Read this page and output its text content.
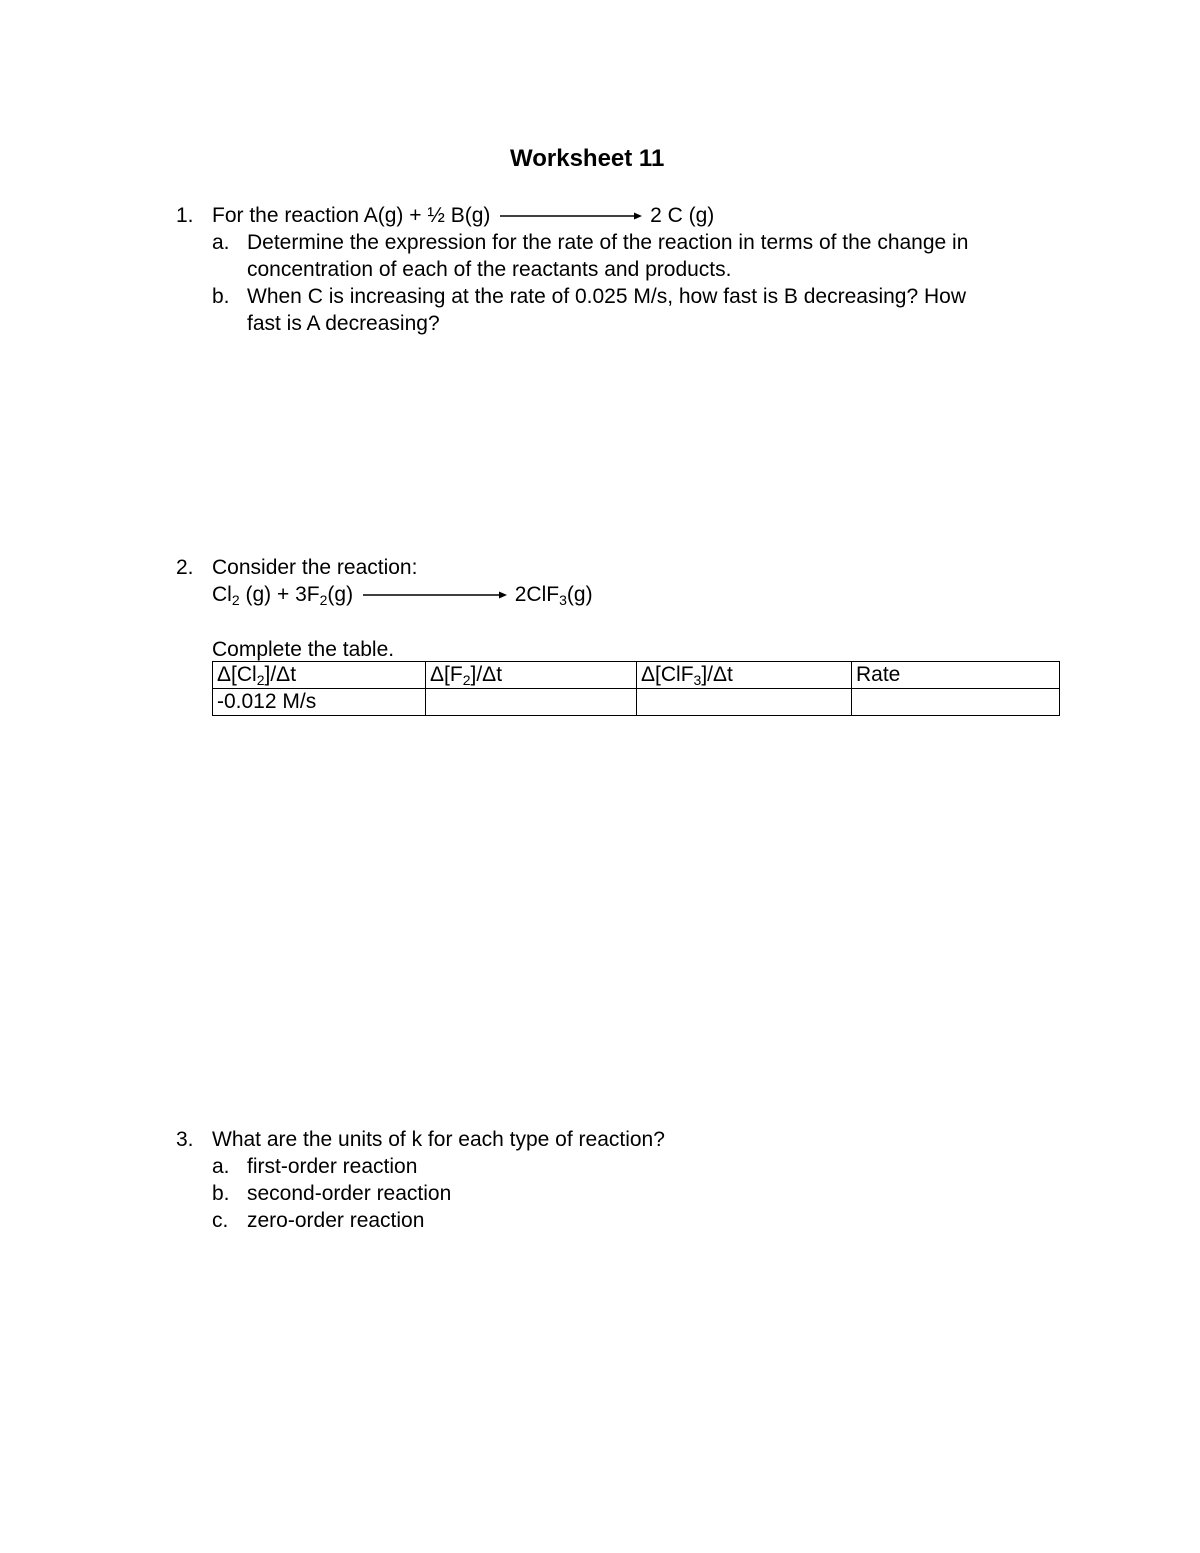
Worksheet 11
1. For the reaction A(g) + ½ B(g)	2 C (g)
a. Determine the expression for the rate of the reaction in terms of the change in
concentration of each of the reactants and products.
b. When C is increasing at the rate of 0.025 M/s, how fast is B decreasing? How
fast is A decreasing?
2. Consider the reaction:
$Cl_2$ $(g) + 3F_2(g)$	2ClF$_3$(g)
Complete the table.
$\Delta[Cl_2]/\Delta t$	$\Delta[F_2]/\Delta t$	Δ[ClF$_3$]/Δt	Rate
-0.012 M/s			
3. What are the units of k for each type of reaction?
a. first-order reaction
b. second-order reaction
c. zero-order reaction
